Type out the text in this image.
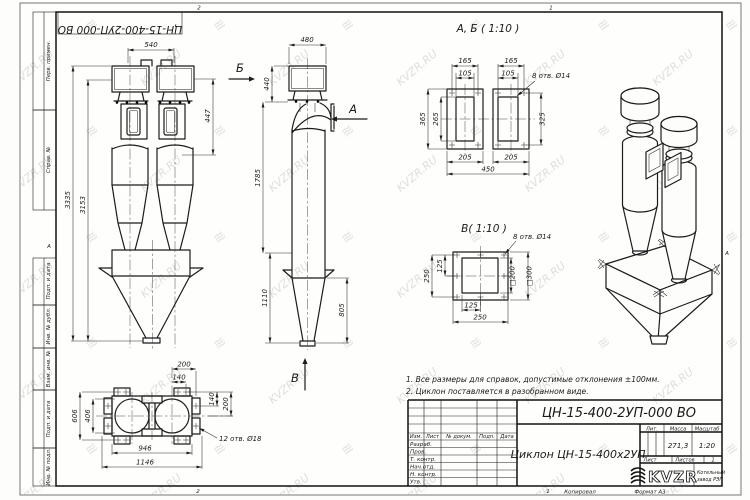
2	1
2	1
А
А
ЦН-15-400-2УП-000 ВО
Копировал	Формат А3
Перв. примен.
Справ. №
Подп. и дата
Инв. № дубл.
Взам. инв. №
Подп. и дата
Инв. № подл.
540
3335 3153
447
Б
480
440
1785
1110
805
А
В
А, Б ( 1:10 )
165
105
365 265
165
105
325
205	205
450
8 отв. Ø14
В( 1:10 )
250
125
125
250
□200 □300
8 отв. Ø14
200
140
140 200
606 406
946
1146
12 отв. Ø18
1. Все размеры для справок, допустимые отклонения ±100мм.
2. Циклон поставляется в разобранном виде.
ЦН-15-400-2УП-000 ВО
Циклон ЦН-15-400х2УП
Изм. Лист № докум. Подп. Дата
Разраб.
Пров.
Т. контр.
Нач.отд.
Н. контр.
Утв.
Лит. Масса Масштаб
271,3 1:20
Лист	Листов	1
KVZR Котельный
завод РЭП
